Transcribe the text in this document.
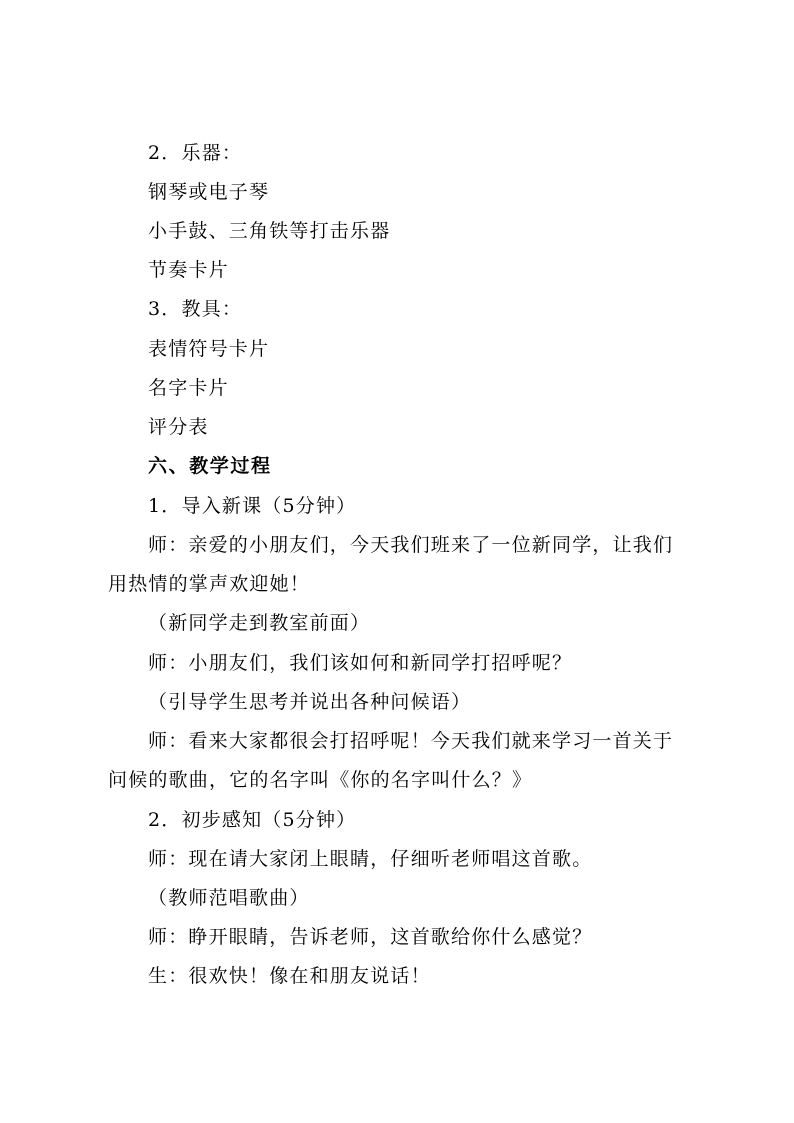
2．乐器：
钢琴或电子琴
小手鼓、三角铁等打击乐器
节奏卡片
3．教具：
表情符号卡片
名字卡片
评分表
六、教学过程
1．导入新课（5分钟）
师：亲爱的小朋友们，今天我们班来了一位新同学，让我们
用热情的掌声欢迎她！
（新同学走到教室前面）
师：小朋友们，我们该如何和新同学打招呼呢？
（引导学生思考并说出各种问候语）
师：看来大家都很会打招呼呢！今天我们就来学习一首关于
问候的歌曲，它的名字叫《你的名字叫什么？》
2．初步感知（5分钟）
师：现在请大家闭上眼睛，仔细听老师唱这首歌。
（教师范唱歌曲）
师：睁开眼睛，告诉老师，这首歌给你什么感觉？
生：很欢快！像在和朋友说话！
